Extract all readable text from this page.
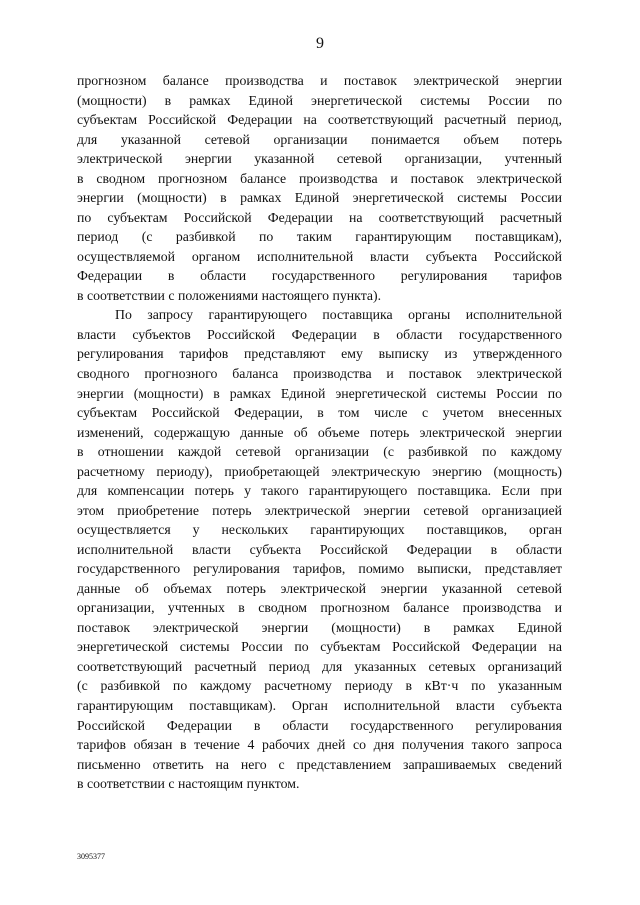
9
прогнозном балансе производства и поставок электрической энергии
(мощности) в рамках Единой энергетической системы России по
субъектам Российской Федерации на соответствующий расчетный период,
для указанной сетевой организации понимается объем потерь
электрической энергии указанной сетевой организации, учтенный
в сводном прогнозном балансе производства и поставок электрической
энергии (мощности) в рамках Единой энергетической системы России
по субъектам Российской Федерации на соответствующий расчетный
период (с разбивкой по таким гарантирующим поставщикам),
осуществляемой органом исполнительной власти субъекта Российской
Федерации в области государственного регулирования тарифов
в соответствии с положениями настоящего пункта).
По запросу гарантирующего поставщика органы исполнительной
власти субъектов Российской Федерации в области государственного
регулирования тарифов представляют ему выписку из утвержденного
сводного прогнозного баланса производства и поставок электрической
энергии (мощности) в рамках Единой энергетической системы России по
субъектам Российской Федерации, в том числе с учетом внесенных
изменений, содержащую данные об объеме потерь электрической энергии
в отношении каждой сетевой организации (с разбивкой по каждому
расчетному периоду), приобретающей электрическую энергию (мощность)
для компенсации потерь у такого гарантирующего поставщика. Если при
этом приобретение потерь электрической энергии сетевой организацией
осуществляется у нескольких гарантирующих поставщиков, орган
исполнительной власти субъекта Российской Федерации в области
государственного регулирования тарифов, помимо выписки, представляет
данные об объемах потерь электрической энергии указанной сетевой
организации, учтенных в сводном прогнозном балансе производства и
поставок электрической энергии (мощности) в рамках Единой
энергетической системы России по субъектам Российской Федерации на
соответствующий расчетный период для указанных сетевых организаций
(с разбивкой по каждому расчетному периоду в кВт·ч по указанным
гарантирующим поставщикам). Орган исполнительной власти субъекта
Российской Федерации в области государственного регулирования
тарифов обязан в течение 4 рабочих дней со дня получения такого запроса
письменно ответить на него с представлением запрашиваемых сведений
в соответствии с настоящим пунктом.
3095377
